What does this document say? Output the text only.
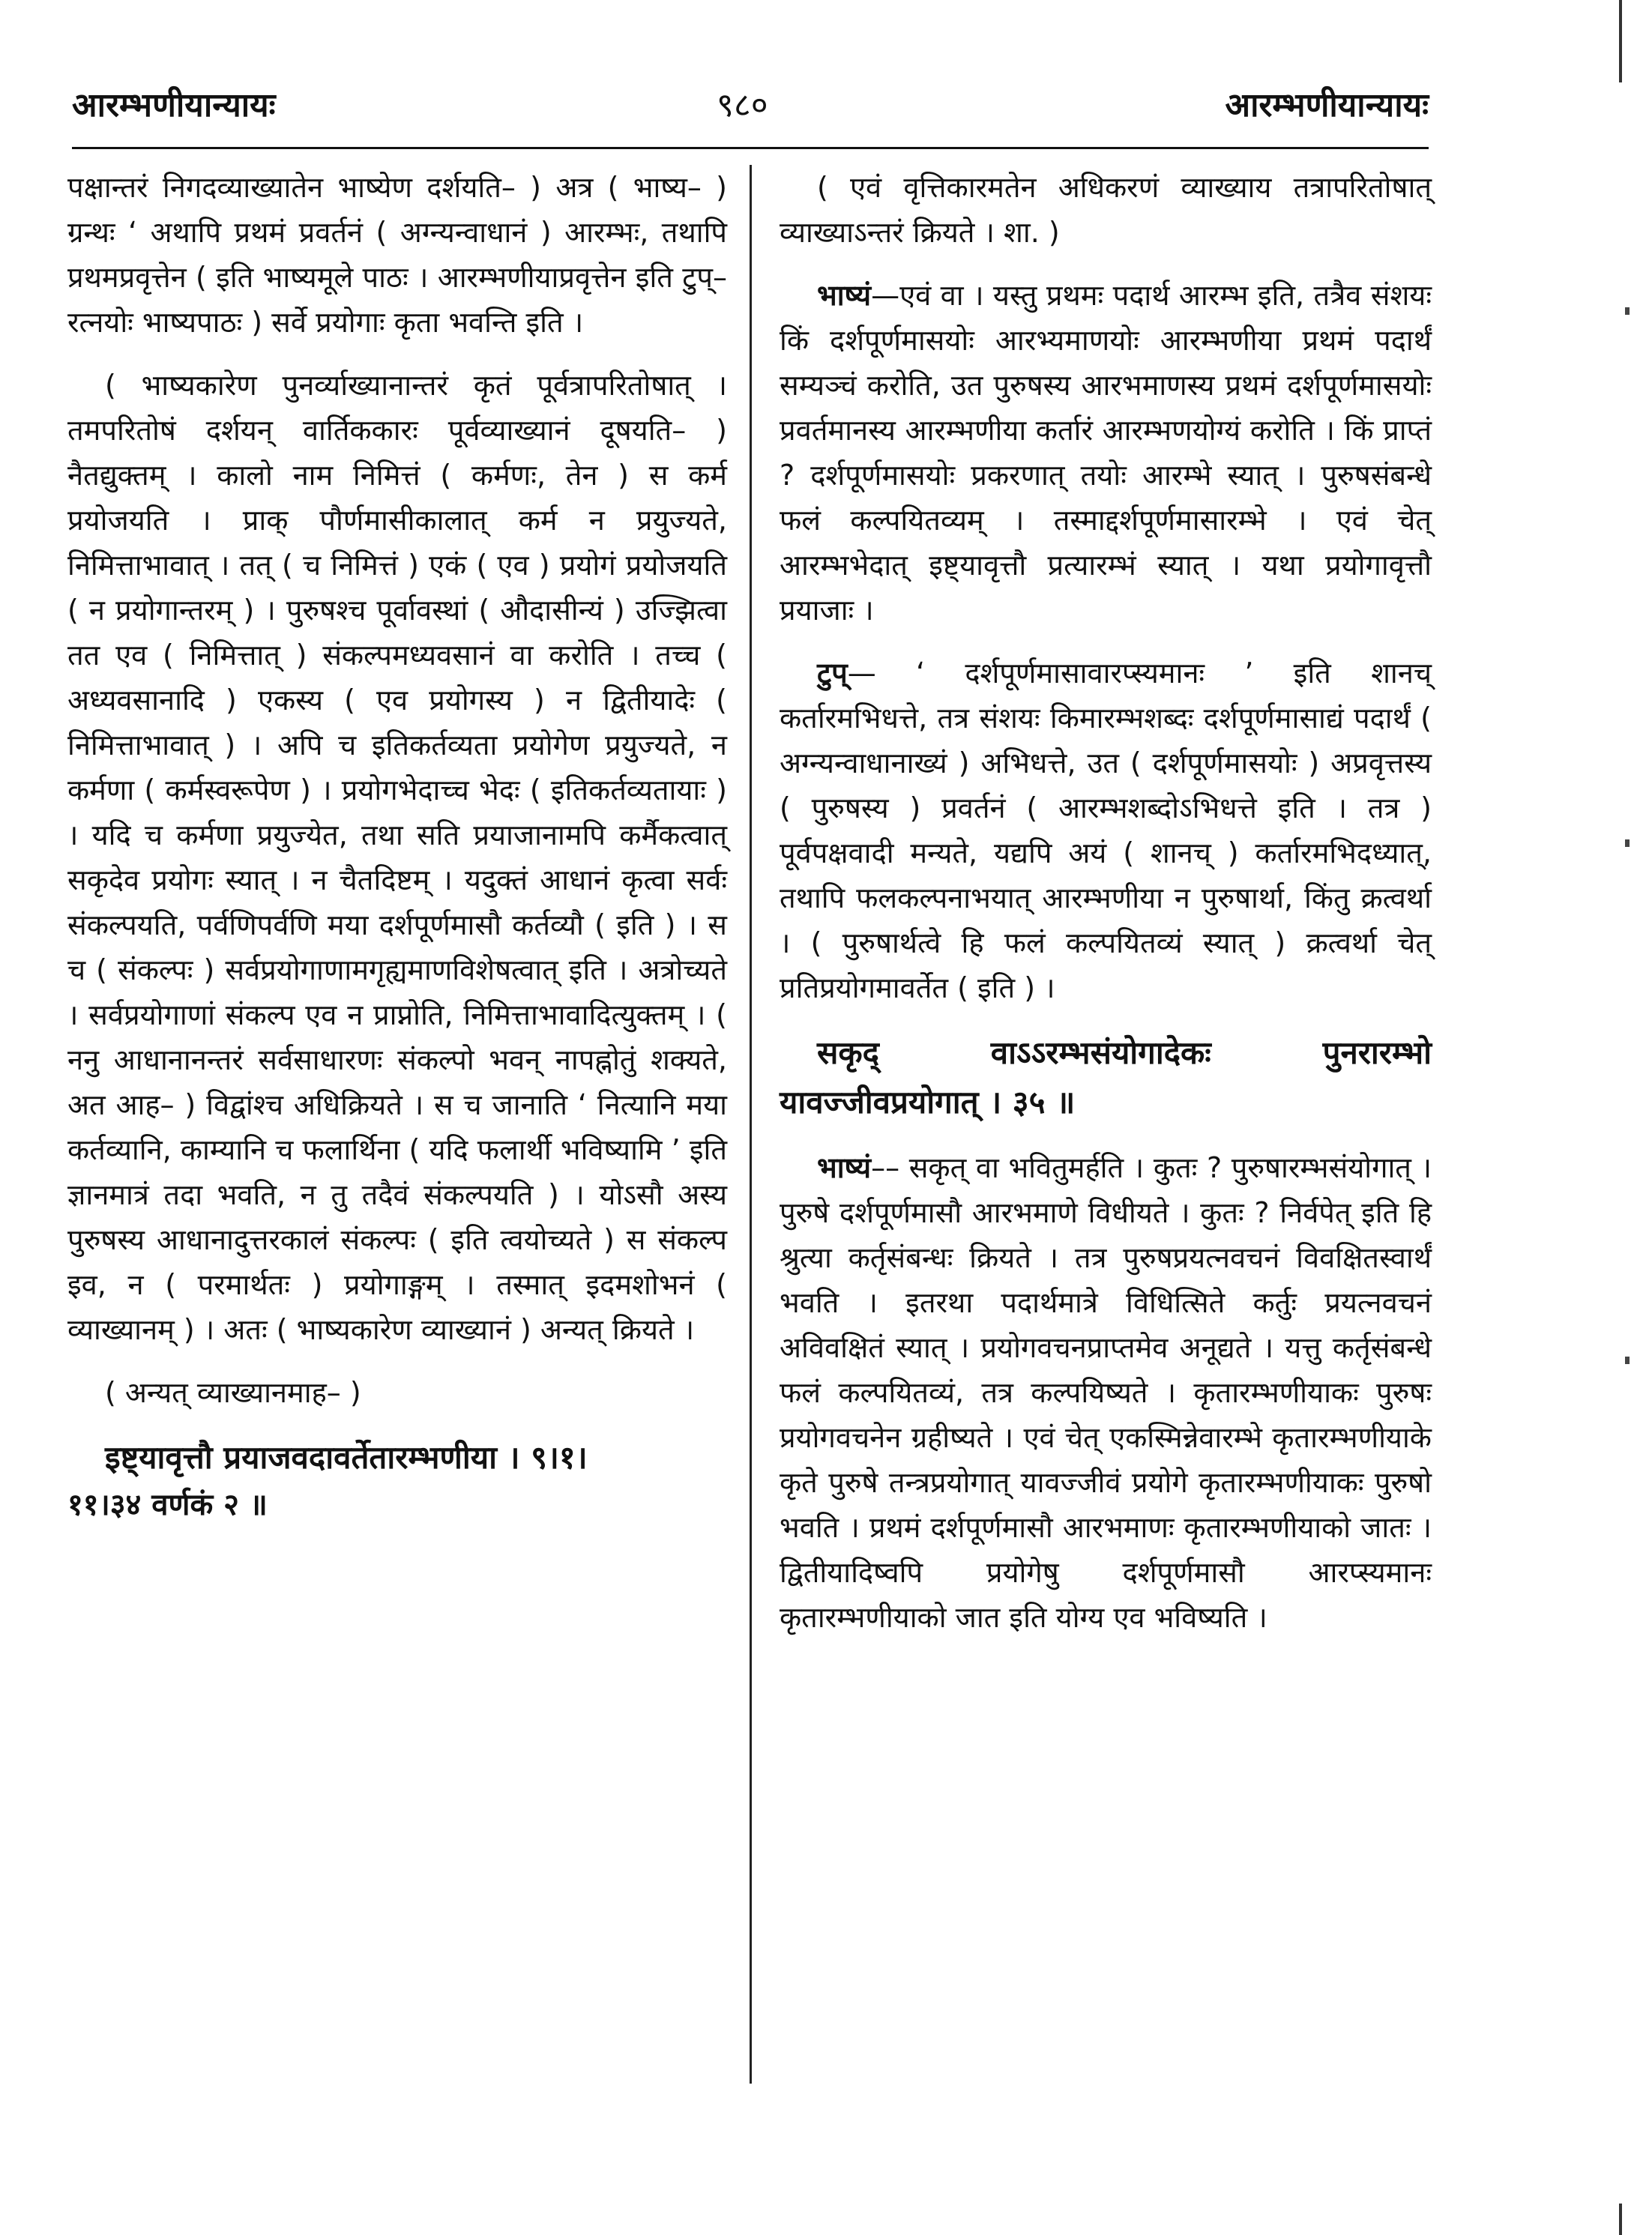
आरम्भणीयान्यायः	९८०	आरम्भणीयान्यायः

पक्षान्तरं निगदव्याख्यातेन भाष्येण दर्शयति– ) अत्र ( भाष्य– ) ग्रन्थः ‘ अथापि प्रथमं प्रवर्तनं ( अग्न्यन्वाधानं ) आरम्भः, तथापि प्रथमप्रवृत्तेन ( इति भाष्यमूले पाठः । आरम्भणीयाप्रवृत्तेन इति टुप्–रत्नयोः भाष्यपाठः ) सर्वे प्रयोगाः कृता भवन्ति इति ।

( भाष्यकारेण पुनर्व्याख्यानान्तरं कृतं पूर्वत्रापरितोषात् । तमपरितोषं दर्शयन् वार्तिककारः पूर्वव्याख्यानं दूषयति– ) नैतद्युक्तम् । कालो नाम निमित्तं ( कर्मणः, तेन ) स कर्म प्रयोजयति । प्राक् पौर्णमासीकालात् कर्म न प्रयुज्यते, निमित्ताभावात् । तत् ( च निमित्तं ) एकं ( एव ) प्रयोगं प्रयोजयति ( न प्रयोगान्तरम् ) । पुरुषश्च पूर्वावस्थां ( औदासीन्यं ) उज्झित्वा तत एव ( निमित्तात् ) संकल्पमध्यवसानं वा करोति । तच्च ( अध्यवसानादि ) एकस्य ( एव प्रयोगस्य ) न द्वितीयादेः ( निमित्ताभावात् ) । अपि च इतिकर्तव्यता प्रयोगेण प्रयुज्यते, न कर्मणा ( कर्मस्वरूपेण ) । प्रयोगभेदाच्च भेदः ( इतिकर्तव्यतायाः ) । यदि च कर्मणा प्रयुज्येत, तथा सति प्रयाजानामपि कर्मैकत्वात् सकृदेव प्रयोगः स्यात् । न चैतदिष्टम् । यदुक्तं आधानं कृत्वा सर्वः संकल्पयति, पर्वणिपर्वणि मया दर्शपूर्णमासौ कर्तव्यौ ( इति ) । स च ( संकल्पः ) सर्वप्रयोगाणामगृह्यमाणविशेषत्वात् इति । अत्रोच्यते । सर्वप्रयोगाणां संकल्प एव न प्राप्नोति, निमित्ताभावादित्युक्तम् । ( ननु आधानानन्तरं सर्वसाधारणः संकल्पो भवन् नापह्नोतुं शक्यते, अत आह– ) विद्वांश्च अधिक्रियते । स च जानाति ‘ नित्यानि मया कर्तव्यानि, काम्यानि च फलार्थिना ( यदि फलार्थी भविष्यामि ’ इति ज्ञानमात्रं तदा भवति, न तु तदैवं संकल्पयति ) । योऽसौ अस्य पुरुषस्य आधानादुत्तरकालं संकल्पः ( इति त्वयोच्यते ) स संकल्प इव, न ( परमार्थतः ) प्रयोगाङ्गम् । तस्मात् इदमशोभनं ( व्याख्यानम् ) । अतः ( भाष्यकारेण व्याख्यानं ) अन्यत् क्रियते ।

( अन्यत् व्याख्यानमाह– )

इष्ट्यावृत्तौ प्रयाजवदावर्तेतारम्भणीया । ९।१।
११।३४ वर्णकं २ ॥

( एवं वृत्तिकारमतेन अधिकरणं व्याख्याय तत्रापरितोषात् व्याख्याऽन्तरं क्रियते । शा. )

भाष्यं—एवं वा । यस्तु प्रथमः पदार्थ आरम्भ इति, तत्रैव संशयः किं दर्शपूर्णमासयोः आरभ्यमाणयोः आरम्भणीया प्रथमं पदार्थं सम्यञ्चं करोति, उत पुरुषस्य आरभमाणस्य प्रथमं दर्शपूर्णमासयोः प्रवर्तमानस्य आरम्भणीया कर्तारं आरम्भणयोग्यं करोति । किं प्राप्तं ? दर्शपूर्णमासयोः प्रकरणात् तयोः आरम्भे स्यात् । पुरुषसंबन्धे फलं कल्पयितव्यम् । तस्माद्दर्शपूर्णमासारम्भे । एवं चेत् आरम्भभेदात् इष्ट्यावृत्तौ प्रत्यारम्भं स्यात् । यथा प्रयोगावृत्तौ प्रयाजाः ।

टुप्— ‘ दर्शपूर्णमासावारप्स्यमानः ’ इति शानच् कर्तारमभिधत्ते, तत्र संशयः किमारम्भशब्दः दर्शपूर्णमासाद्यं पदार्थं ( अग्न्यन्वाधानाख्यं ) अभिधत्ते, उत ( दर्शपूर्णमासयोः ) अप्रवृत्तस्य ( पुरुषस्य ) प्रवर्तनं ( आरम्भशब्दोऽभिधत्ते इति । तत्र ) पूर्वपक्षवादी मन्यते, यद्यपि अयं ( शानच् ) कर्तारमभिदध्यात्, तथापि फलकल्पनाभयात् आरम्भणीया न पुरुषार्था, किंतु क्रत्वर्था । ( पुरुषार्थत्वे हि फलं कल्पयितव्यं स्यात् ) क्रत्वर्था चेत् प्रतिप्रयोगमावर्तेत ( इति ) ।

सकृद् वाऽऽरम्भसंयोगादेकः पुनरारम्भो यावज्जीवप्रयोगात् । ३५ ॥

भाष्यं–– सकृत् वा भवितुमर्हति । कुतः ? पुरुषारम्भसंयोगात् । पुरुषे दर्शपूर्णमासौ आरभमाणे विधीयते । कुतः ? निर्वपेत् इति हि श्रुत्या कर्तृसंबन्धः क्रियते । तत्र पुरुषप्रयत्नवचनं विवक्षितस्वार्थं भवति । इतरथा पदार्थमात्रे विधित्सिते कर्तुः प्रयत्नवचनं अविवक्षितं स्यात् । प्रयोगवचनप्राप्तमेव अनूद्यते । यत्तु कर्तृसंबन्धे फलं कल्पयितव्यं, तत्र कल्पयिष्यते । कृतारम्भणीयाकः पुरुषः प्रयोगवचनेन ग्रहीष्यते । एवं चेत् एकस्मिन्नेवारम्भे कृतारम्भणीयाके कृते पुरुषे तन्त्रप्रयोगात् यावज्जीवं प्रयोगे कृतारम्भणीयाकः पुरुषो भवति । प्रथमं दर्शपूर्णमासौ आरभमाणः कृतारम्भणीयाको जातः । द्वितीयादिष्वपि प्रयोगेषु दर्शपूर्णमासौ आरप्स्यमानः कृतारम्भणीयाको जात इति योग्य एव भविष्यति ।
